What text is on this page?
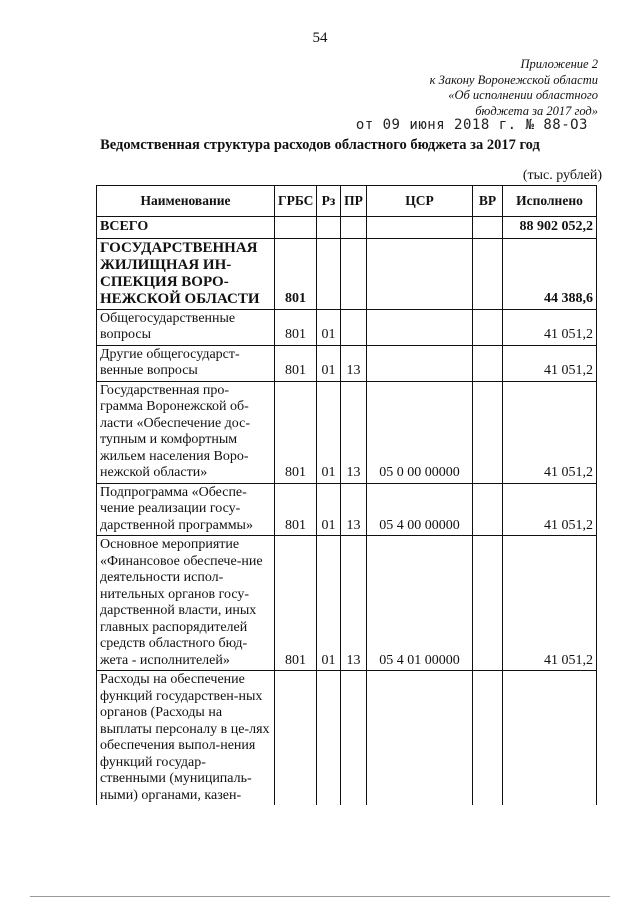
54
Приложение 2
к Закону Воронежской области
«Об исполнении областного
бюджета за 2017 год»
от 09 июня 2018 г. № 88-ОЗ
Ведомственная структура расходов областного бюджета за 2017 год
(тыс. рублей)
Наименование	ГРБС	Рз	ПР	ЦСР	ВР	Исполнено
ВСЕГО						88 902 052,2
ГОСУДАРСТВЕННАЯ ЖИЛИЩНАЯ ИН-СПЕКЦИЯ ВОРО-НЕЖСКОЙ ОБЛАСТИ	801					44 388,6
Общегосударственные вопросы	801	01				41 051,2
Другие общегосударст-венные вопросы	801	01	13			41 051,2
Государственная про-грамма Воронежской об-ласти «Обеспечение дос-тупным и комфортным жильем населения Воро-нежской области»	801	01	13	05 0 00 00000		41 051,2
Подпрограмма «Обеспе-чение реализации госу-дарственной программы»	801	01	13	05 4 00 00000		41 051,2
Основное мероприятие «Финансовое обеспече-ние деятельности испол-нительных органов госу-дарственной власти, иных главных распорядителей средств областного бюд-жета - исполнителей»	801	01	13	05 4 01 00000		41 051,2
Расходы на обеспечение функций государствен-ных органов (Расходы на выплаты персоналу в це-лях обеспечения выпол-нения функций государ-ственными (муниципаль-ными) органами, казен-						
